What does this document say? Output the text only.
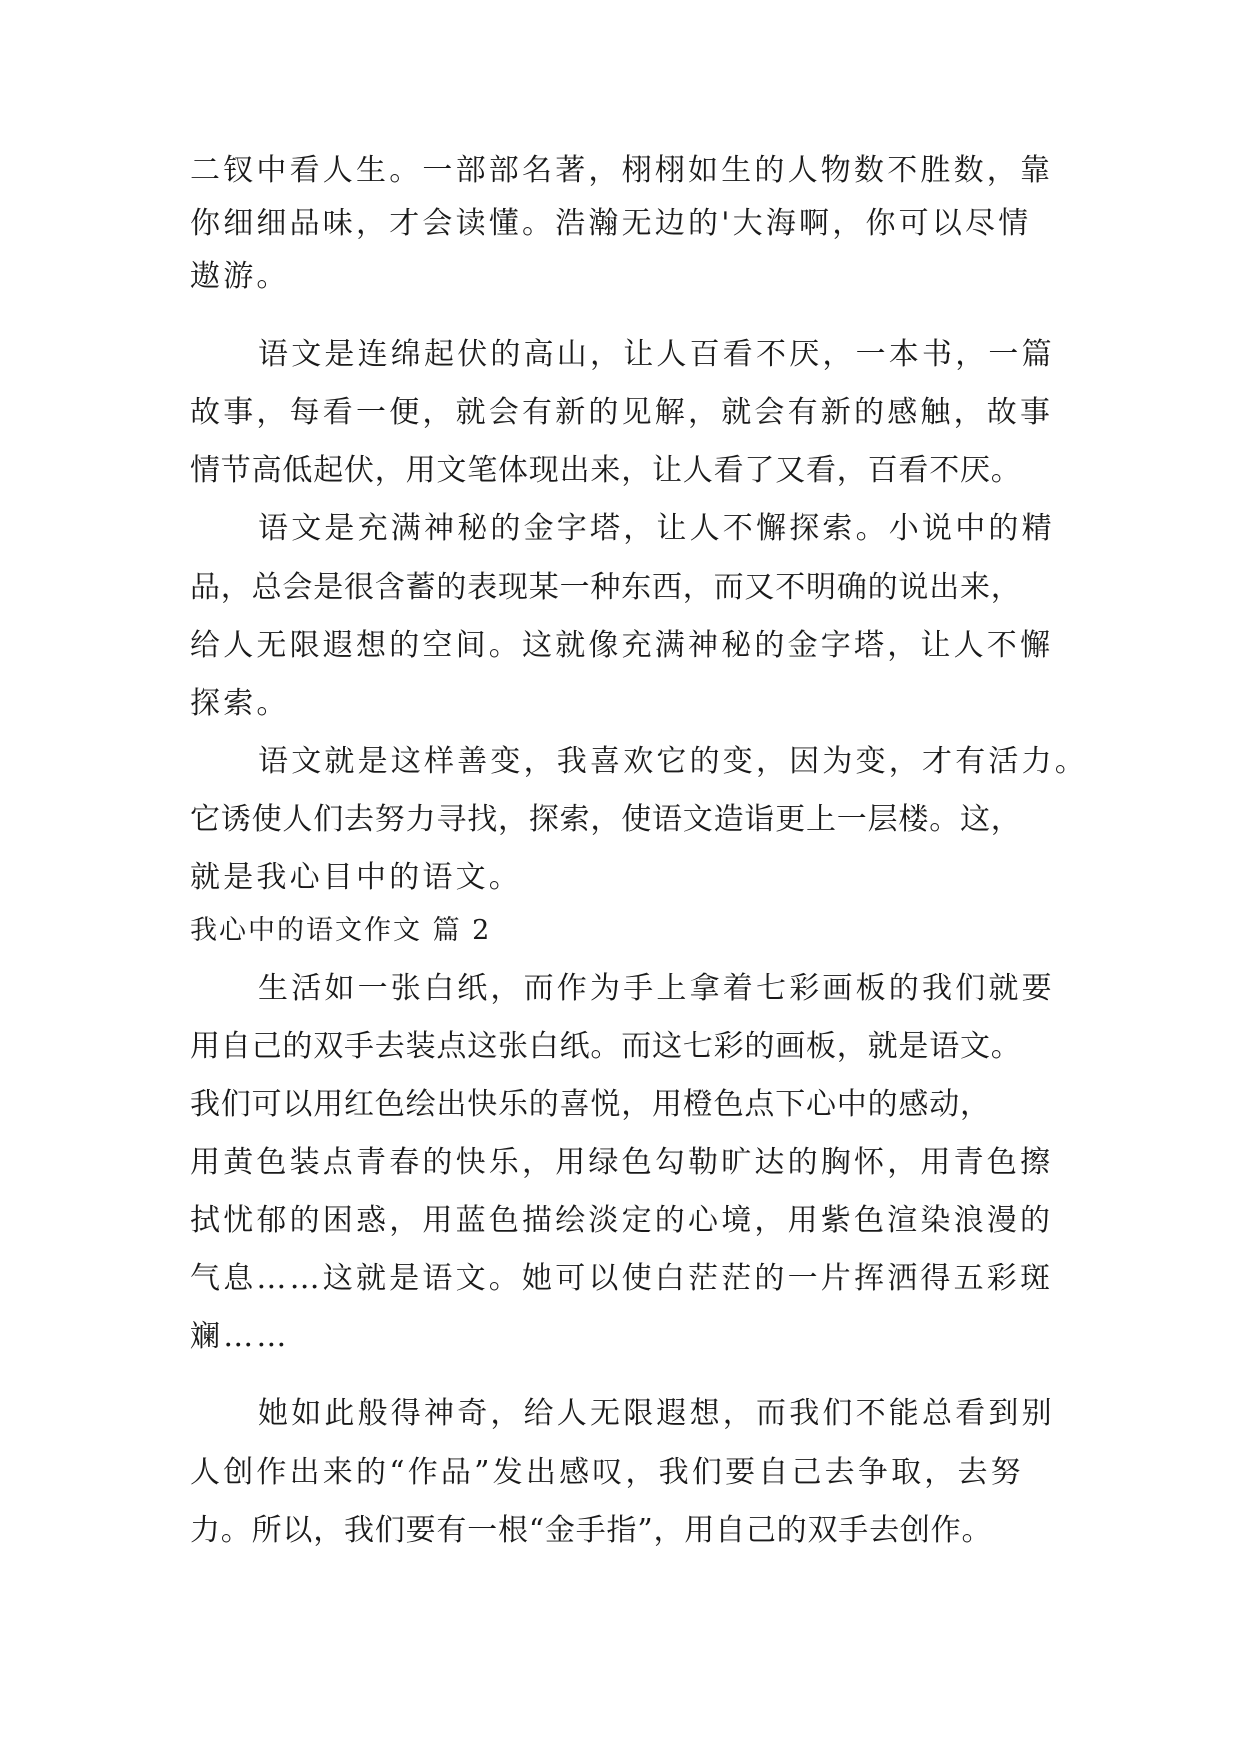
二钗中看人生。一部部名著，栩栩如生的人物数不胜数，靠

你细细品味，才会读懂。浩瀚无边的'大海啊，你可以尽情

遨游。

语文是连绵起伏的高山，让人百看不厌，一本书，一篇

故事，每看一便，就会有新的见解，就会有新的感触，故事

情节高低起伏，用文笔体现出来，让人看了又看，百看不厌。

语文是充满神秘的金字塔，让人不懈探索。小说中的精

品，总会是很含蓄的表现某一种东西，而又不明确的说出来，

给人无限遐想的空间。这就像充满神秘的金字塔，让人不懈

探索。

语文就是这样善变，我喜欢它的变，因为变，才有活力。

它诱使人们去努力寻找，探索，使语文造诣更上一层楼。这，

就是我心目中的语文。

我心中的语文作文 篇 2

生活如一张白纸，而作为手上拿着七彩画板的我们就要

用自己的双手去装点这张白纸。而这七彩的画板，就是语文。

我们可以用红色绘出快乐的喜悦，用橙色点下心中的感动，

用黄色装点青春的快乐，用绿色勾勒旷达的胸怀，用青色擦

拭忧郁的困惑，用蓝色描绘淡定的心境，用紫色渲染浪漫的

气息……这就是语文。她可以使白茫茫的一片挥洒得五彩斑

斓……

她如此般得神奇，给人无限遐想，而我们不能总看到别

人创作出来的“作品”发出感叹，我们要自己去争取，去努

力。所以，我们要有一根“金手指”，用自己的双手去创作。
